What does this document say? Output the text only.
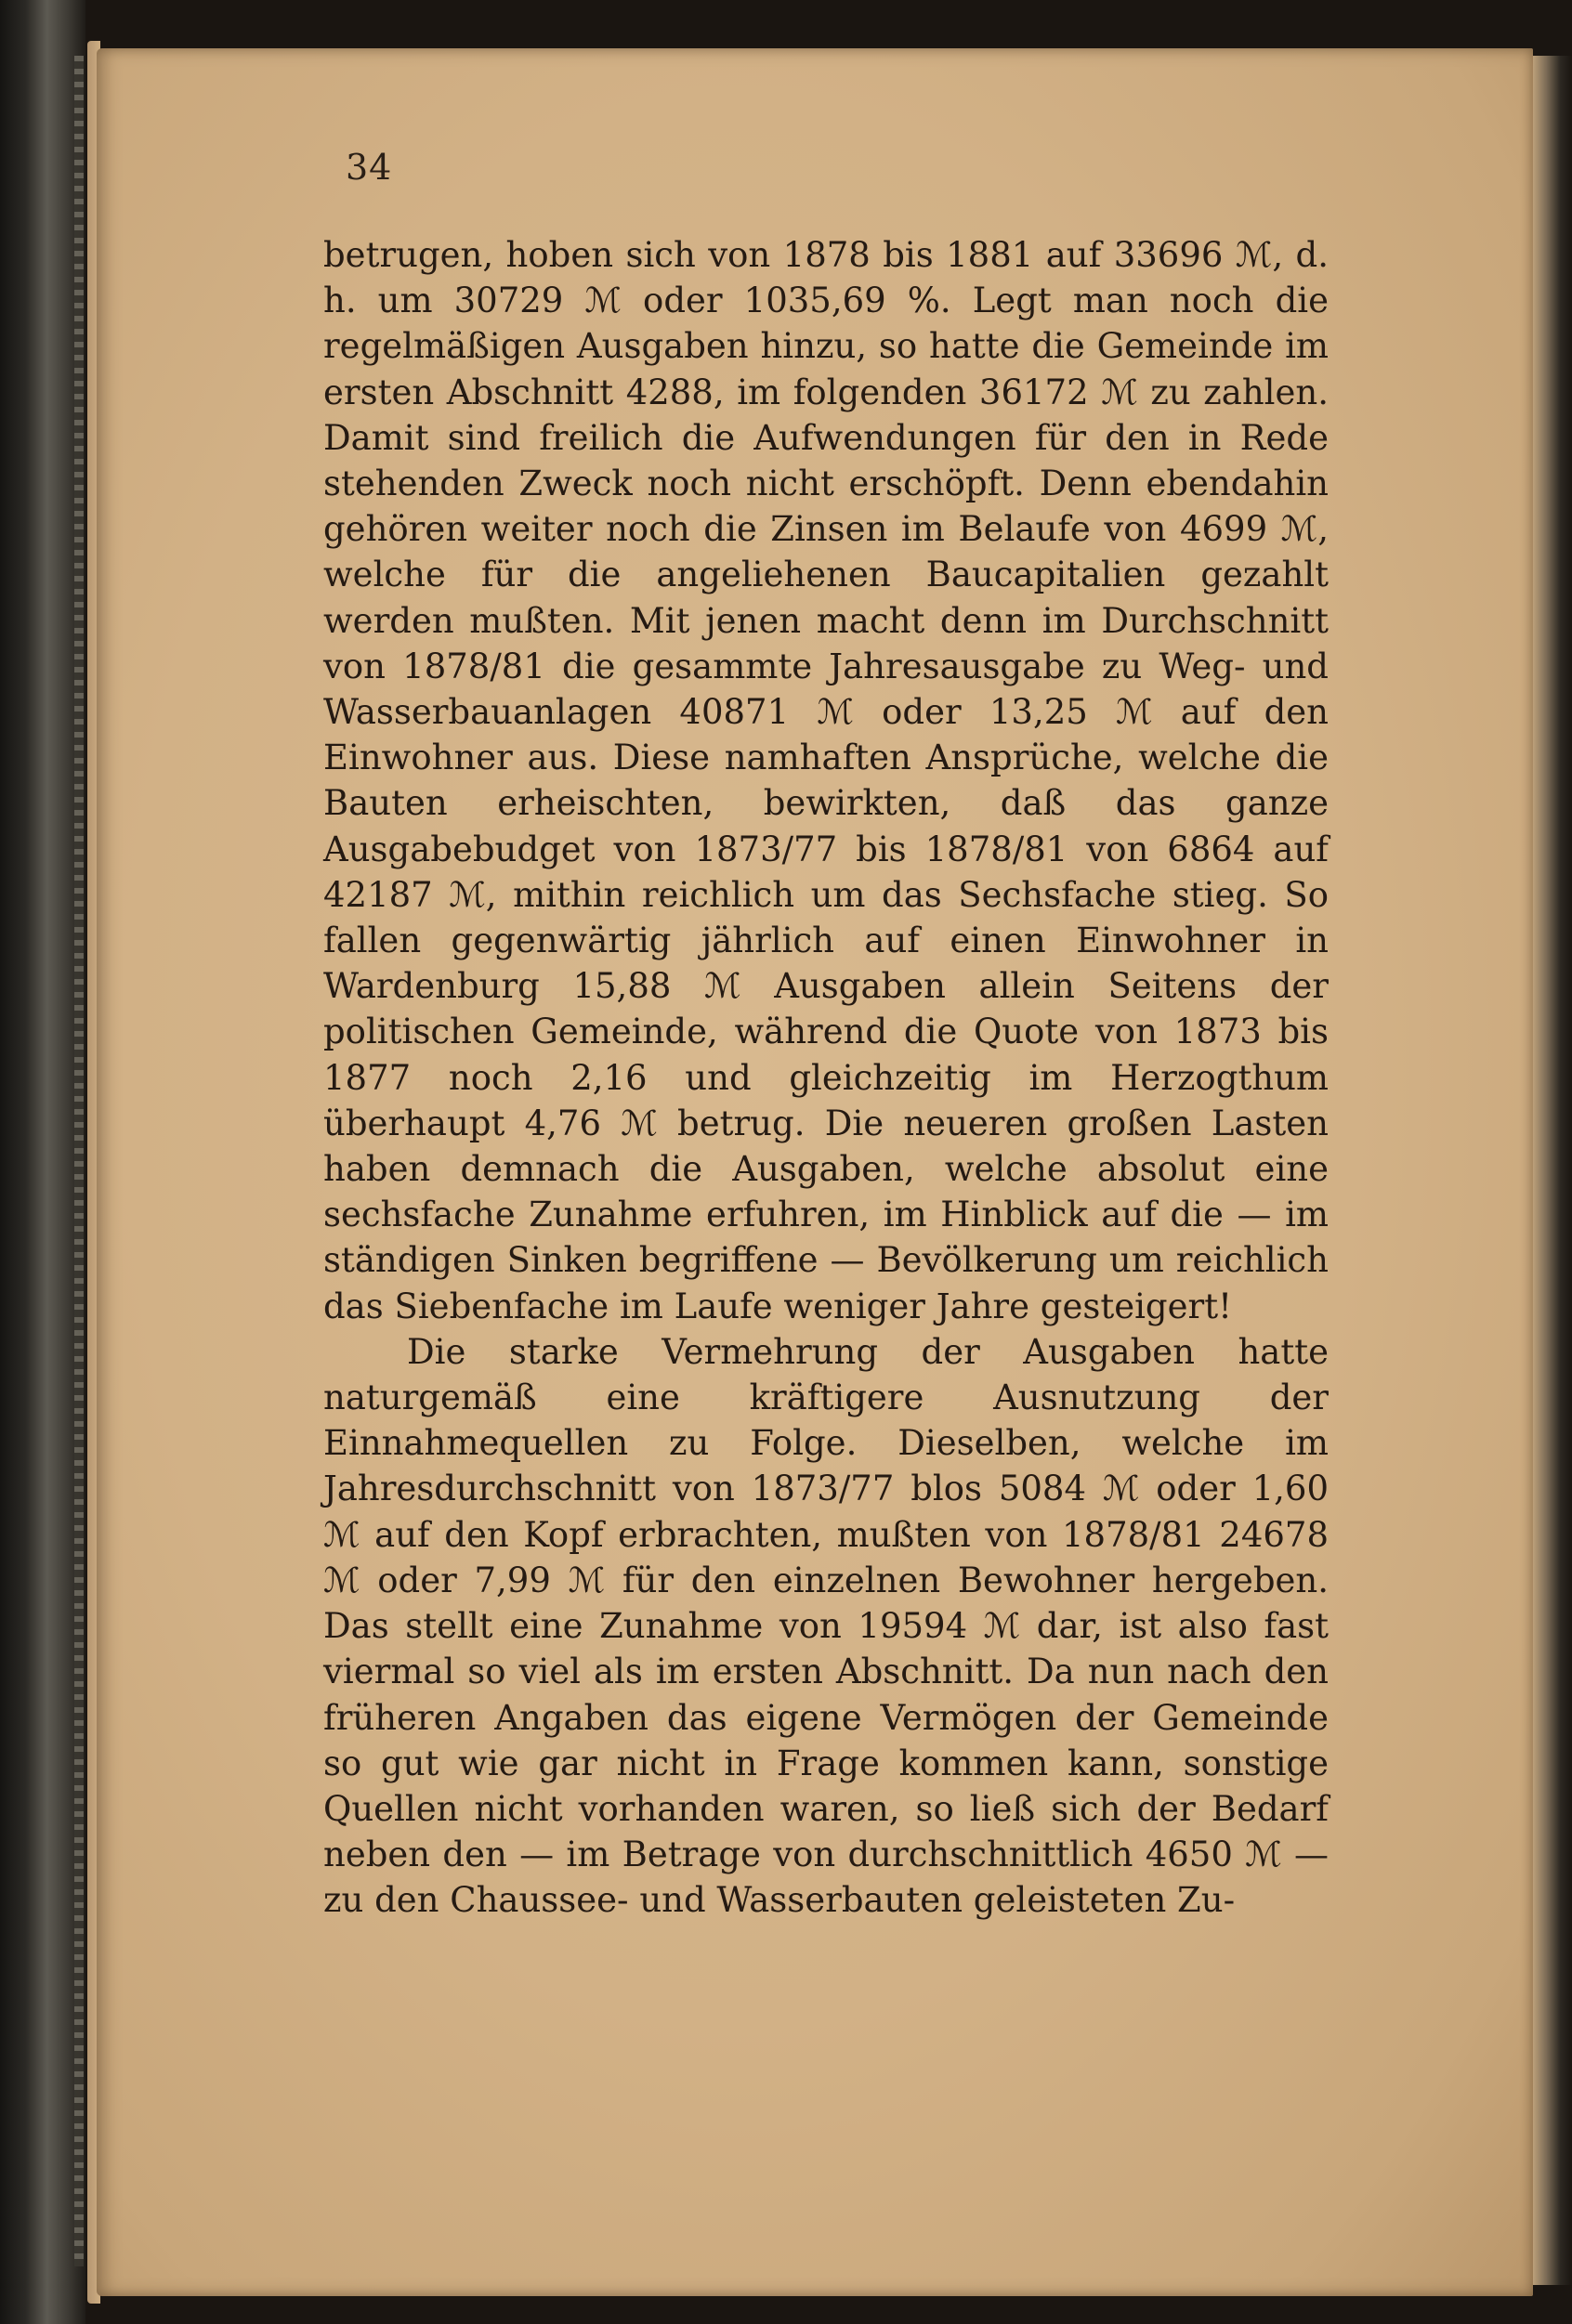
34

betrugen, hoben sich von 1878 bis 1881 auf 33696 ℳ, d. h. um 30729 ℳ oder 1035,69 %. Legt man noch die regelmäßigen Ausgaben hinzu, so hatte die Gemeinde im ersten Abschnitt 4288, im folgenden 36172 ℳ zu zahlen. Damit sind freilich die Aufwendungen für den in Rede stehenden Zweck noch nicht erschöpft. Denn ebendahin gehören weiter noch die Zinsen im Belaufe von 4699 ℳ, welche für die angeliehenen Baucapitalien gezahlt werden mußten. Mit jenen macht denn im Durchschnitt von 1878/81 die gesammte Jahresausgabe zu Weg- und Wasserbauanlagen 40871 ℳ oder 13,25 ℳ auf den Einwohner aus. Diese namhaften Ansprüche, welche die Bauten erheischten, bewirkten, daß das ganze Ausgabebudget von 1873/77 bis 1878/81 von 6864 auf 42187 ℳ, mithin reichlich um das Sechsfache stieg. So fallen gegenwärtig jährlich auf einen Einwohner in Wardenburg 15,88 ℳ Ausgaben allein Seitens der politischen Gemeinde, während die Quote von 1873 bis 1877 noch 2,16 und gleichzeitig im Herzogthum überhaupt 4,76 ℳ betrug. Die neueren großen Lasten haben demnach die Ausgaben, welche absolut eine sechsfache Zunahme erfuhren, im Hinblick auf die — im ständigen Sinken begriffene — Bevölkerung um reichlich das Siebenfache im Laufe weniger Jahre gesteigert!

Die starke Vermehrung der Ausgaben hatte naturgemäß eine kräftigere Ausnutzung der Einnahmequellen zu Folge. Dieselben, welche im Jahresdurchschnitt von 1873/77 blos 5084 ℳ oder 1,60 ℳ auf den Kopf erbrachten, mußten von 1878/81 24678 ℳ oder 7,99 ℳ für den einzelnen Bewohner hergeben. Das stellt eine Zunahme von 19594 ℳ dar, ist also fast viermal so viel als im ersten Abschnitt. Da nun nach den früheren Angaben das eigene Vermögen der Gemeinde so gut wie gar nicht in Frage kommen kann, sonstige Quellen nicht vorhanden waren, so ließ sich der Bedarf neben den — im Betrage von durchschnittlich 4650 ℳ — zu den Chaussee- und Wasserbauten geleisteten Zu-
